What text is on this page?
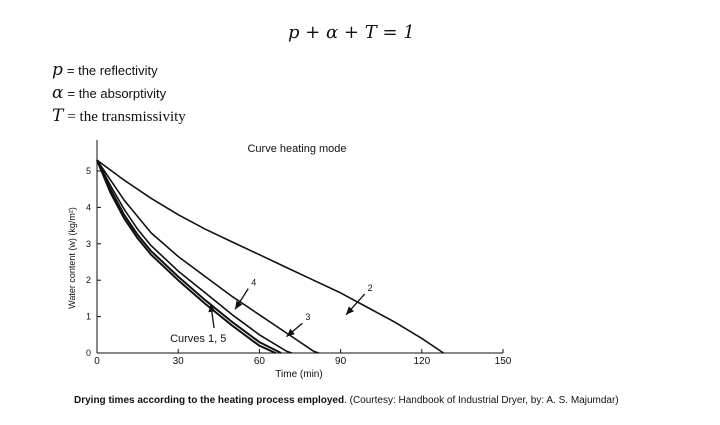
p + α + T = 1
p = the reflectivity
α = the absorptivity
T = the transmissivity
Curve heating mode
Time (min)
Water content (w) (kg/m²)
0	30	60	90	120	150
0
1
2
3
4
5
2
3
4
Curves 1, 5
Drying times according to the heating process employed. (Courtesy: Handbook of Industrial Dryer, by: A. S. Majumdar)
